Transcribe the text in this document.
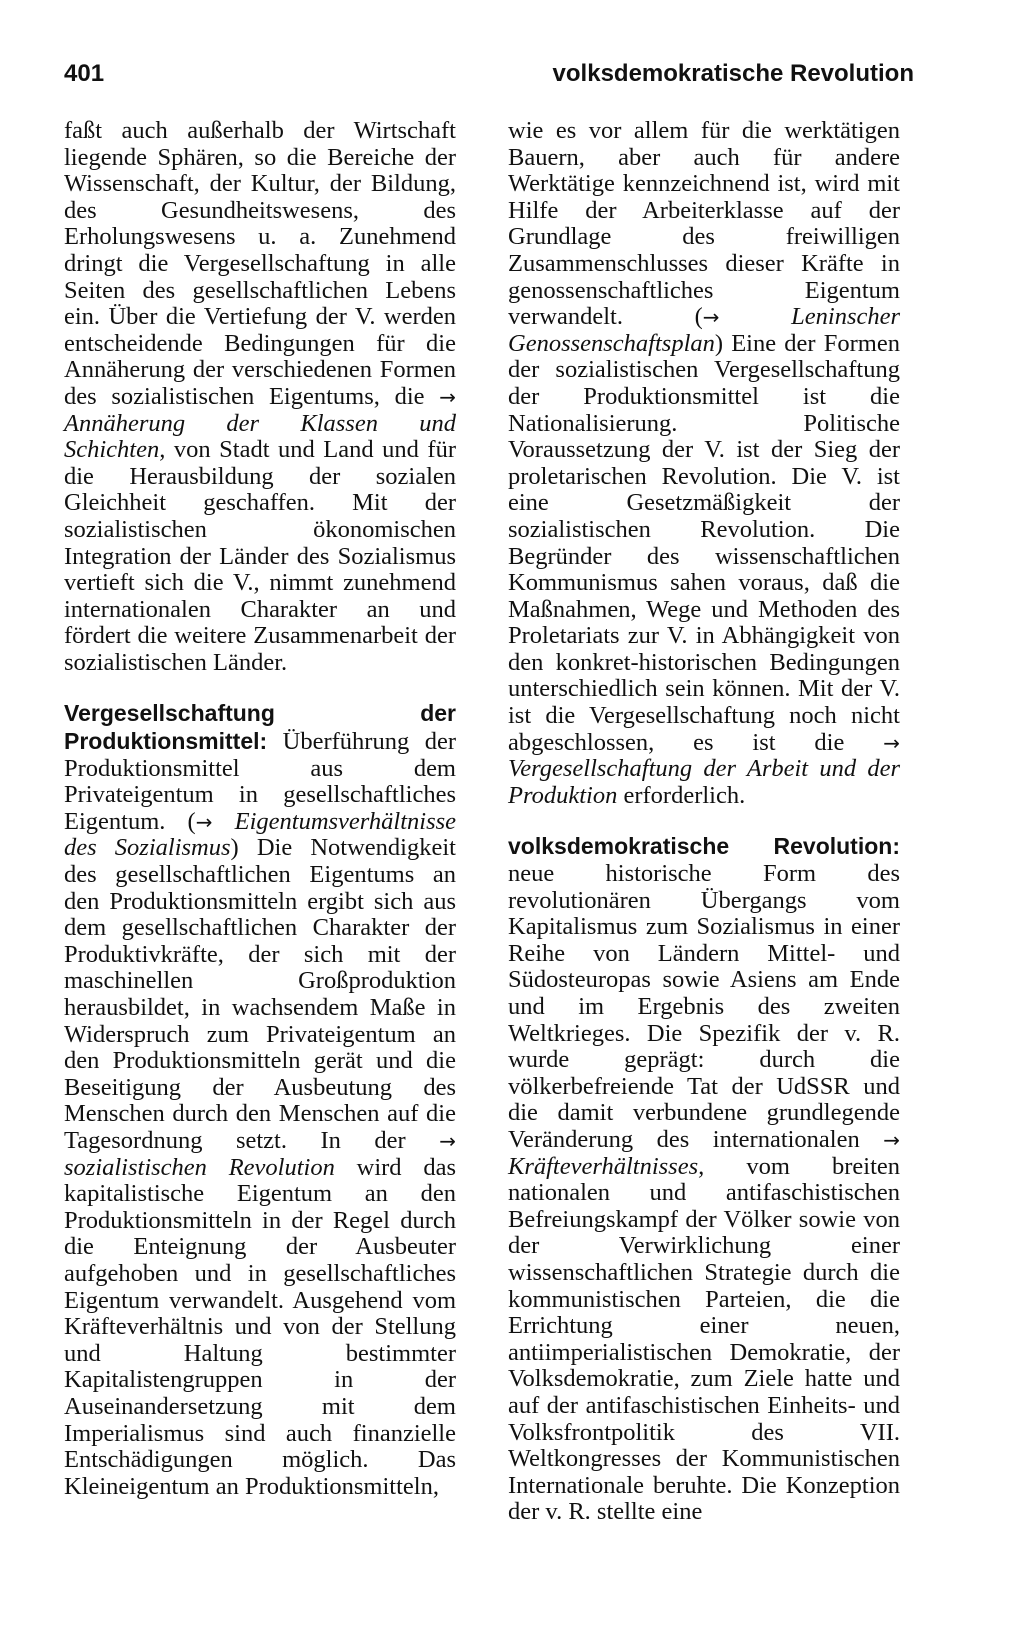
401	volksdemokratische Revolution

faßt auch außerhalb der Wirtschaft liegende Sphären, so die Bereiche der Wissenschaft, der Kultur, der Bildung, des Gesundheitswesens, des Erholungswesens u. a. Zunehmend dringt die Vergesellschaftung in alle Seiten des gesellschaftlichen Lebens ein. Über die Vertiefung der V. werden entscheidende Bedingungen für die Annäherung der verschiedenen Formen des sozialistischen Eigentums, die → Annäherung der Klassen und Schichten, von Stadt und Land und für die Herausbildung der sozialen Gleichheit geschaffen. Mit der sozialistischen ökonomischen Integration der Länder des Sozialismus vertieft sich die V., nimmt zunehmend internationalen Charakter an und fördert die weitere Zusammenarbeit der sozialistischen Länder.

Vergesellschaftung der Produktionsmittel: Überführung der Produktionsmittel aus dem Privateigentum in gesellschaftliches Eigentum. (→ Eigentumsverhältnisse des Sozialismus) Die Notwendigkeit des gesellschaftlichen Eigentums an den Produktionsmitteln ergibt sich aus dem gesellschaftlichen Charakter der Produktivkräfte, der sich mit der maschinellen Großproduktion herausbildet, in wachsendem Maße in Widerspruch zum Privateigentum an den Produktionsmitteln gerät und die Beseitigung der Ausbeutung des Menschen durch den Menschen auf die Tagesordnung setzt. In der → sozialistischen Revolution wird das kapitalistische Eigentum an den Produktionsmitteln in der Regel durch die Enteignung der Ausbeuter aufgehoben und in gesellschaftliches Eigentum verwandelt. Ausgehend vom Kräfteverhältnis und von der Stellung und Haltung bestimmter Kapitalistengruppen in der Auseinandersetzung mit dem Imperialismus sind auch finanzielle Entschädigungen möglich. Das Kleineigentum an Produktionsmitteln,

wie es vor allem für die werktätigen Bauern, aber auch für andere Werktätige kennzeichnend ist, wird mit Hilfe der Arbeiterklasse auf der Grundlage des freiwilligen Zusammenschlusses dieser Kräfte in genossenschaftliches Eigentum verwandelt. (→	Leninscher Genossenschaftsplan) Eine der Formen der sozialistischen Vergesellschaftung der Produktionsmittel ist die Nationalisierung. Politische Voraussetzung der V. ist der Sieg der proletarischen Revolution. Die V. ist eine Gesetzmäßigkeit der sozialistischen Revolution. Die Begründer des wissenschaftlichen Kommunismus sahen voraus, daß die Maßnahmen, Wege und Methoden des Proletariats zur V. in Abhängigkeit von den konkret-historischen Bedingungen unterschiedlich sein können. Mit der V. ist die Vergesellschaftung noch nicht abgeschlossen, es ist die → Vergesellschaftung der Arbeit und der Produktion erforderlich.

volksdemokratische Revolution: neue historische Form des revolutionären Übergangs vom Kapitalismus zum Sozialismus in einer Reihe von Ländern Mittel- und Südosteuropas sowie Asiens am Ende und im Ergebnis des zweiten Weltkrieges. Die Spezifik der v. R. wurde geprägt: durch die völkerbefreiende Tat der UdSSR und die damit verbundene grundlegende Veränderung des internationalen → Kräfteverhältnisses, vom breiten nationalen und antifaschistischen Befreiungskampf der Völker sowie von der Verwirklichung einer wissenschaftlichen Strategie durch die kommunistischen Parteien, die die Errichtung einer neuen, antiimperialistischen Demokratie, der Volksdemokratie, zum Ziele hatte und auf der antifaschistischen Einheits- und Volksfrontpolitik des VII. Weltkongresses der Kommunistischen Internationale beruhte. Die Konzeption der v. R. stellte eine
